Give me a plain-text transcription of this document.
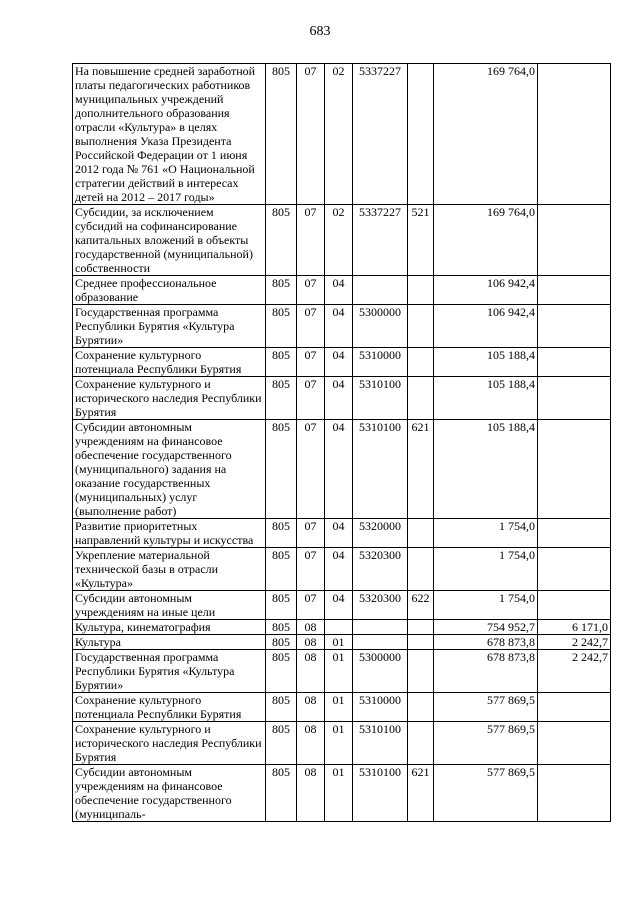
683
На повышение средней заработной платы педагогических работников муниципальных учреждений дополнительного образования отрасли «Культура» в целях выполнения Указа Президента Российской Федерации от 1 июня 2012 года № 761 «О Национальной стратегии действий в интересах детей на 2012 – 2017 годы»	805	07	02	5337227		169 764,0	
Субсидии, за исключением субсидий на софинансирование капитальных вложений в объекты государственной (муниципальной) собственности	805	07	02	5337227	521	169 764,0	
Среднее профессиональное образование	805	07	04			106 942,4	
Государственная программа Республики Бурятия «Культура Бурятии»	805	07	04	5300000		106 942,4	
Сохранение культурного потенциала Республики Бурятия	805	07	04	5310000		105 188,4	
Сохранение культурного и исторического наследия Республики Бурятия	805	07	04	5310100		105 188,4	
Субсидии автономным учреждениям на финансовое обеспечение государственного (муниципального) задания на оказание государственных (муниципальных) услуг (выполнение работ)	805	07	04	5310100	621	105 188,4	
Развитие приоритетных направлений культуры и искусства	805	07	04	5320000		1 754,0	
Укрепление материальной технической базы в отрасли «Культура»	805	07	04	5320300		1 754,0	
Субсидии автономным учреждениям на иные цели	805	07	04	5320300	622	1 754,0	
Культура, кинематография	805	08				754 952,7	6 171,0
Культура	805	08	01			678 873,8	2 242,7
Государственная программа Республики Бурятия «Культура Бурятии»	805	08	01	5300000		678 873,8	2 242,7
Сохранение культурного потенциала Республики Бурятия	805	08	01	5310000		577 869,5	
Сохранение культурного и исторического наследия Республики Бурятия	805	08	01	5310100		577 869,5	
Субсидии автономным учреждениям на финансовое обеспечение государственного (муниципаль-	805	08	01	5310100	621	577 869,5	
